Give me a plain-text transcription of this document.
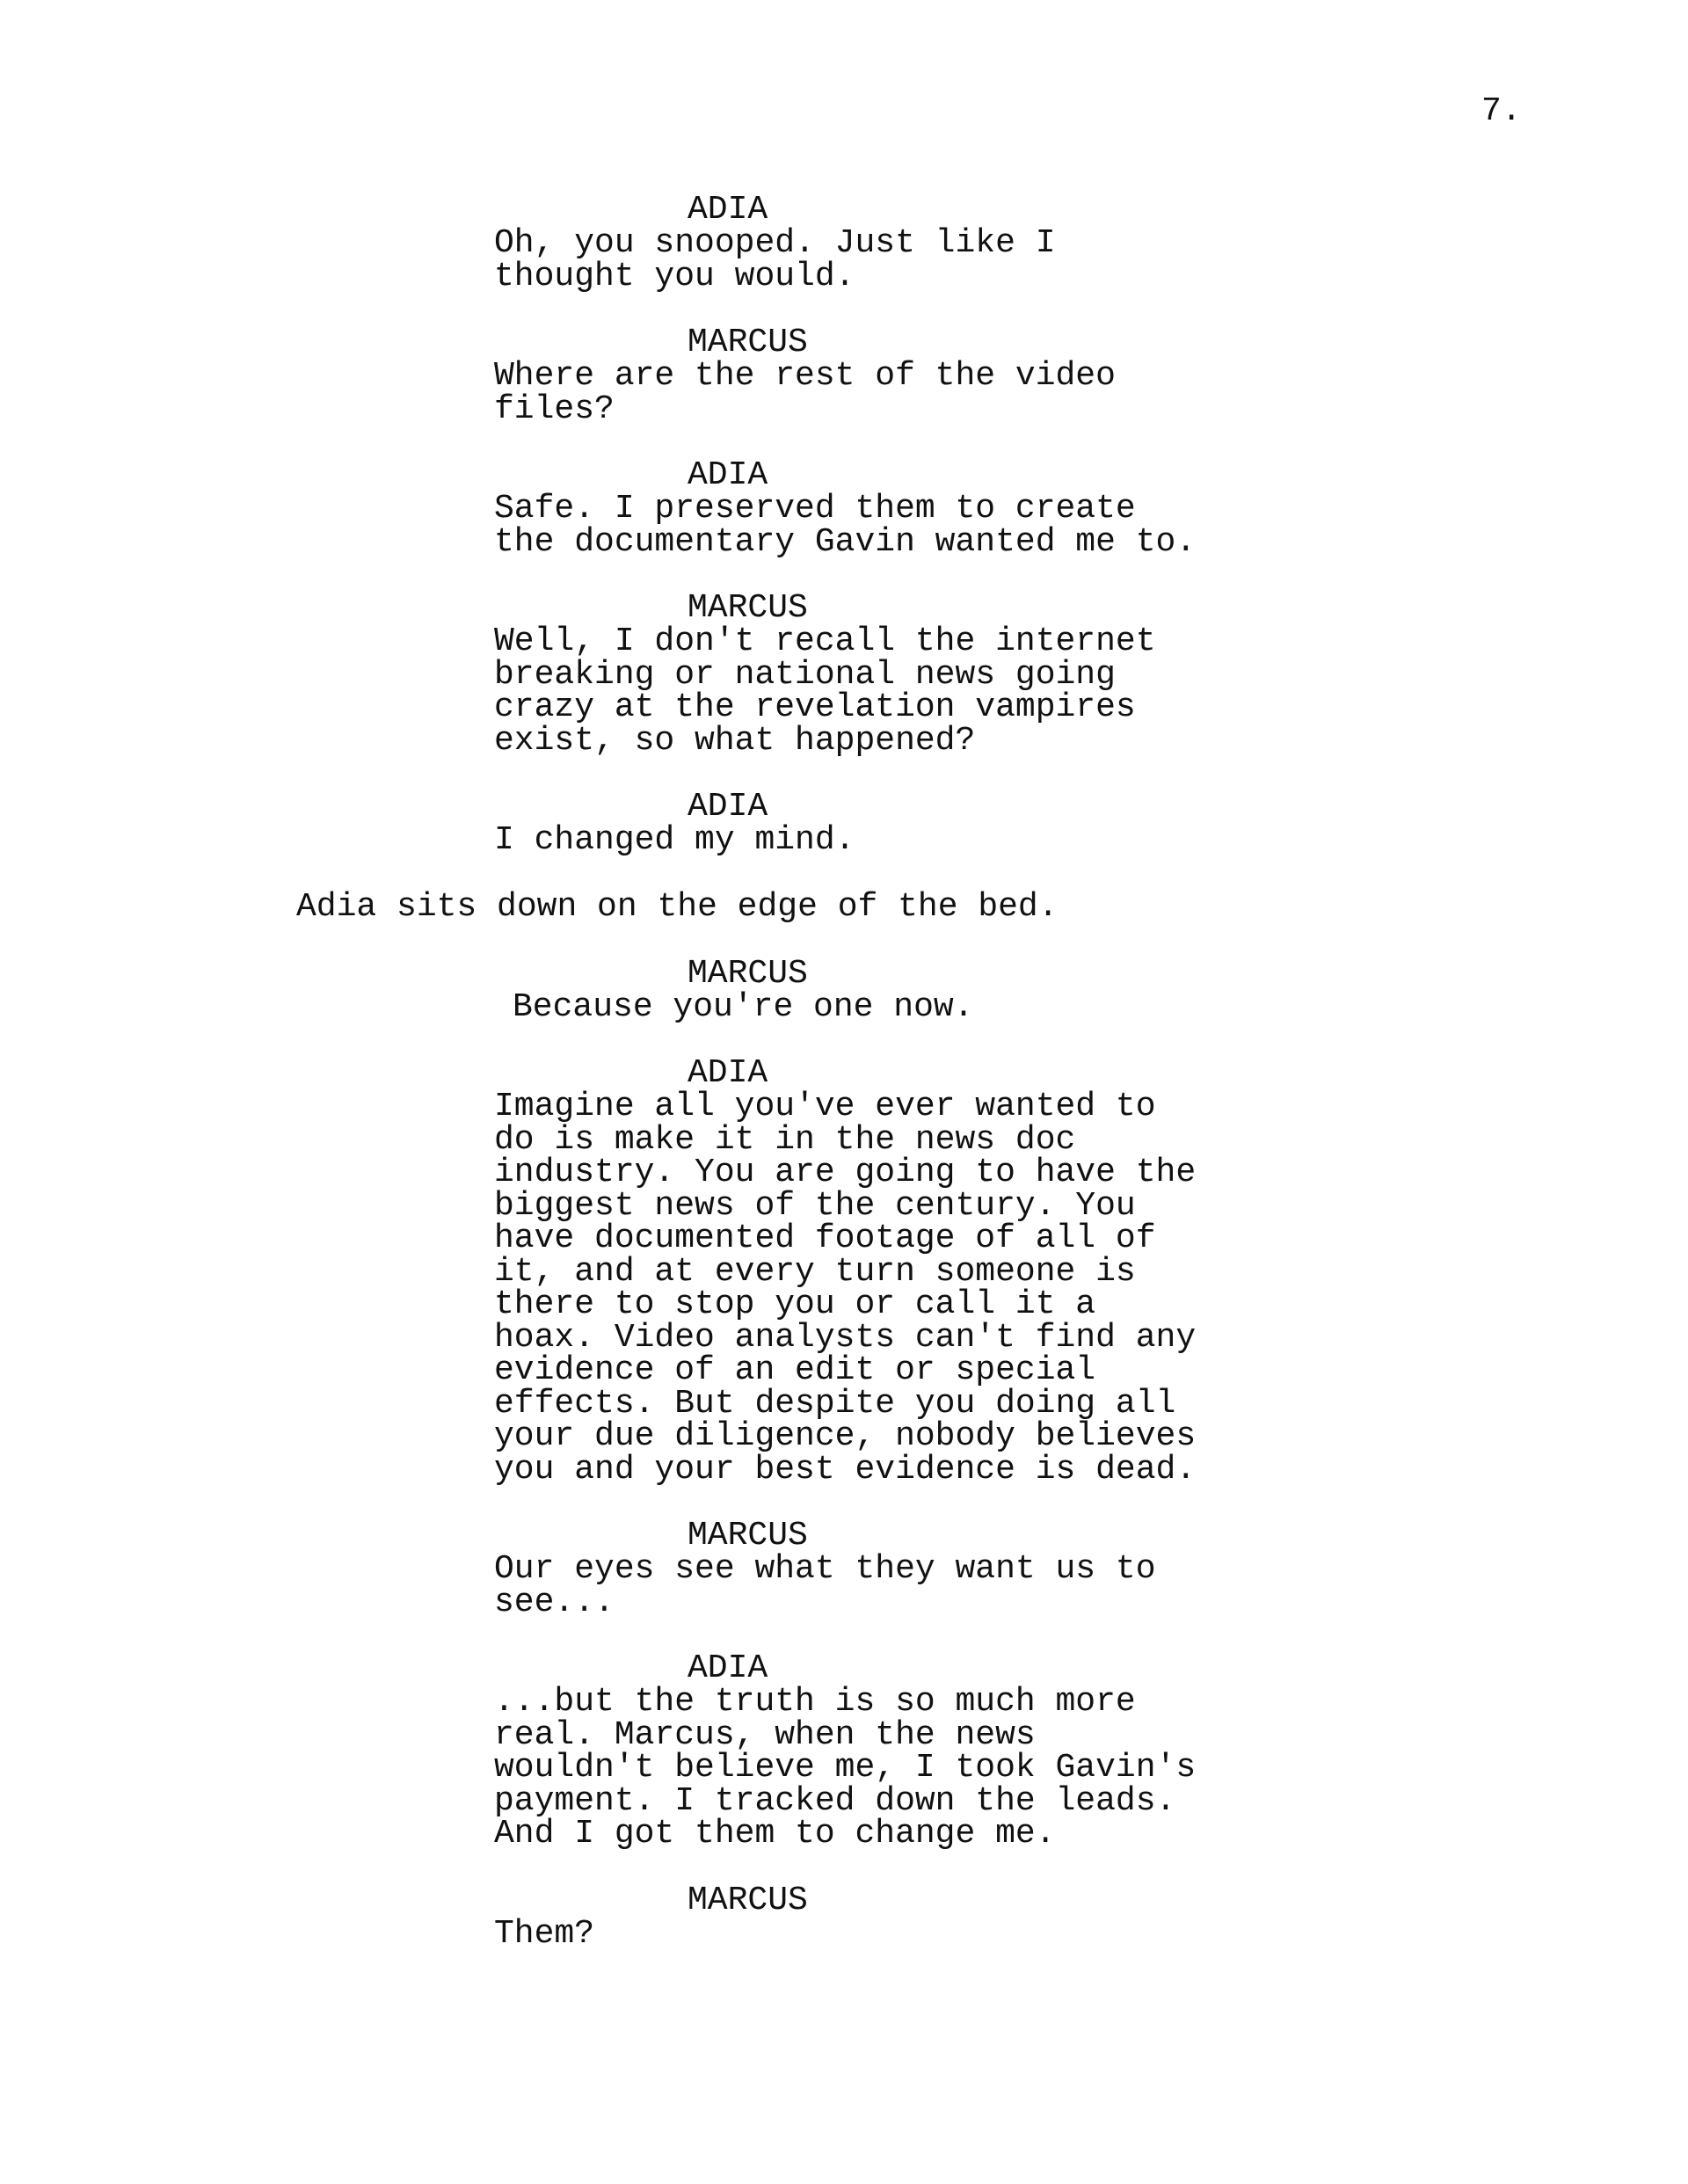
7.
ADIA
Oh, you snooped. Just like I
thought you would.
MARCUS
Where are the rest of the video
files?
ADIA
Safe. I preserved them to create
the documentary Gavin wanted me to.
MARCUS
Well, I don't recall the internet
breaking or national news going
crazy at the revelation vampires
exist, so what happened?
ADIA
I changed my mind.
Adia sits down on the edge of the bed.
MARCUS
Because you're one now.
ADIA
Imagine all you've ever wanted to
do is make it in the news doc
industry. You are going to have the
biggest news of the century. You
have documented footage of all of
it, and at every turn someone is
there to stop you or call it a
hoax. Video analysts can't find any
evidence of an edit or special
effects. But despite you doing all
your due diligence, nobody believes
you and your best evidence is dead.
MARCUS
Our eyes see what they want us to
see...
ADIA
...but the truth is so much more
real. Marcus, when the news
wouldn't believe me, I took Gavin's
payment. I tracked down the leads.
And I got them to change me.
MARCUS
Them?
